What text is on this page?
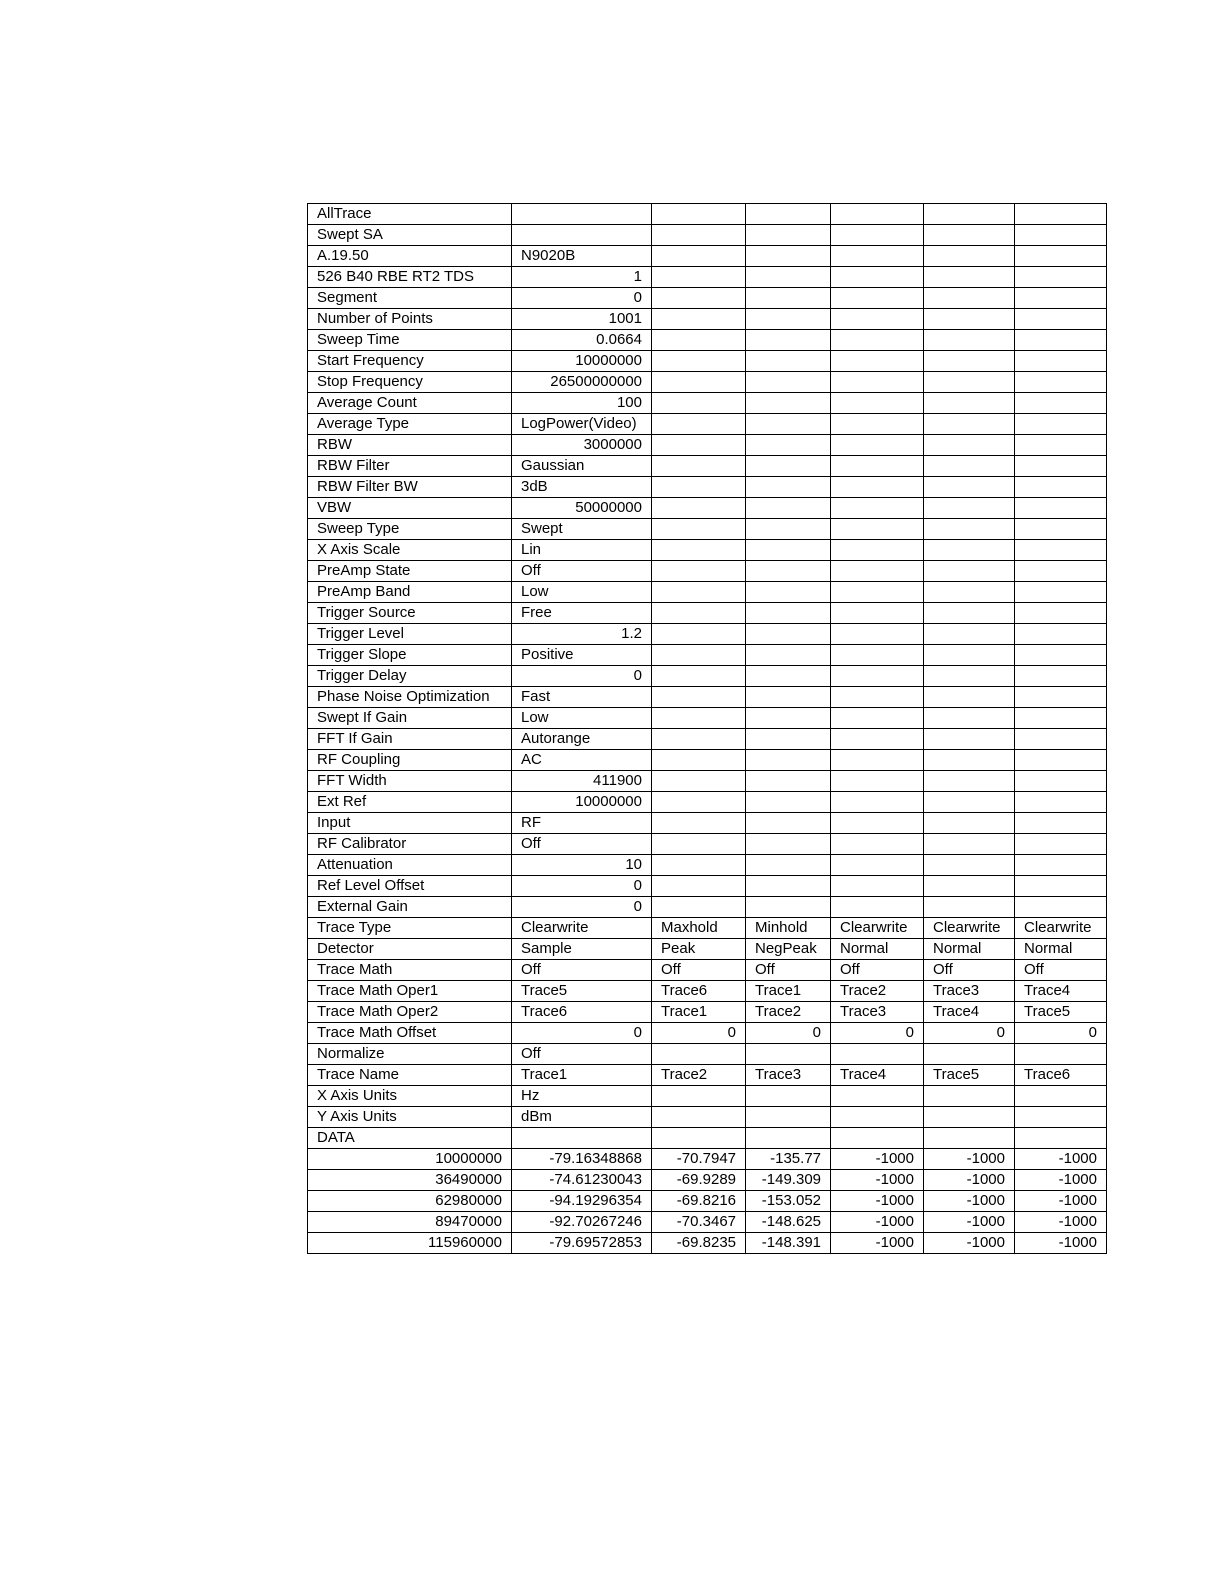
AllTrace						
Swept SA						
A.19.50	N9020B					
526 B40 RBE RT2 TDS	1					
Segment	0					
Number of Points	1001					
Sweep Time	0.0664					
Start Frequency	10000000					
Stop Frequency	26500000000					
Average Count	100					
Average Type	LogPower(Video)					
RBW	3000000					
RBW Filter	Gaussian					
RBW Filter BW	3dB					
VBW	50000000					
Sweep Type	Swept					
X Axis Scale	Lin					
PreAmp State	Off					
PreAmp Band	Low					
Trigger Source	Free					
Trigger Level	1.2					
Trigger Slope	Positive					
Trigger Delay	0					
Phase Noise Optimization	Fast					
Swept If Gain	Low					
FFT If Gain	Autorange					
RF Coupling	AC					
FFT Width	411900					
Ext Ref	10000000					
Input	RF					
RF Calibrator	Off					
Attenuation	10					
Ref Level Offset	0					
External Gain	0					
Trace Type	Clearwrite	Maxhold	Minhold	Clearwrite	Clearwrite	Clearwrite
Detector	Sample	Peak	NegPeak	Normal	Normal	Normal
Trace Math	Off	Off	Off	Off	Off	Off
Trace Math Oper1	Trace5	Trace6	Trace1	Trace2	Trace3	Trace4
Trace Math Oper2	Trace6	Trace1	Trace2	Trace3	Trace4	Trace5
Trace Math Offset	0	0	0	0	0	0
Normalize	Off					
Trace Name	Trace1	Trace2	Trace3	Trace4	Trace5	Trace6
X Axis Units	Hz					
Y Axis Units	dBm					
DATA						
10000000	-79.16348868	-70.7947	-135.77	-1000	-1000	-1000
36490000	-74.61230043	-69.9289	-149.309	-1000	-1000	-1000
62980000	-94.19296354	-69.8216	-153.052	-1000	-1000	-1000
89470000	-92.70267246	-70.3467	-148.625	-1000	-1000	-1000
115960000	-79.69572853	-69.8235	-148.391	-1000	-1000	-1000
